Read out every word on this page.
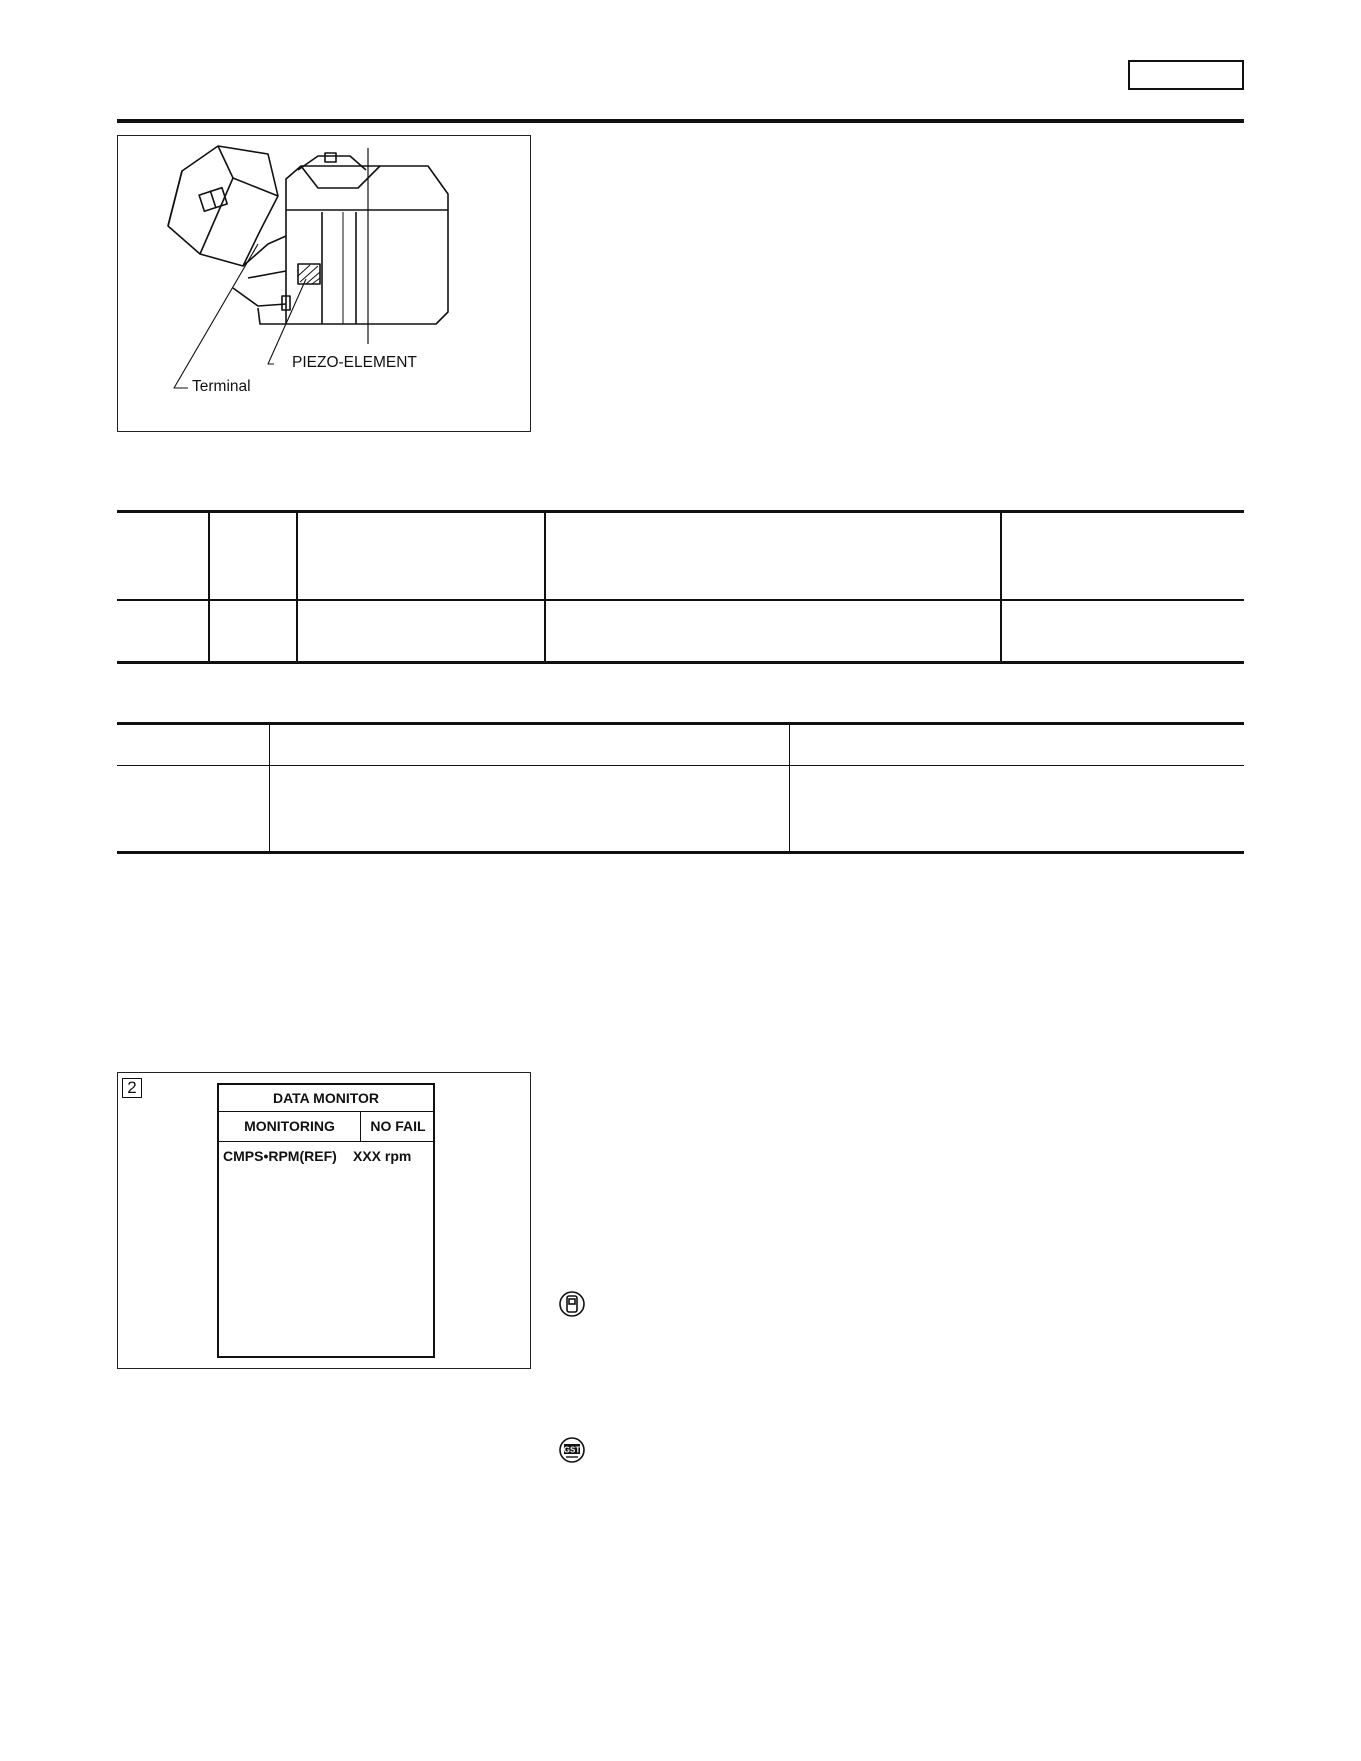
PIEZO-ELEMENT
Terminal

2
DATA MONITOR
MONITORING	NO FAIL
CMPS•RPM(REF) XXX rpm
GST
